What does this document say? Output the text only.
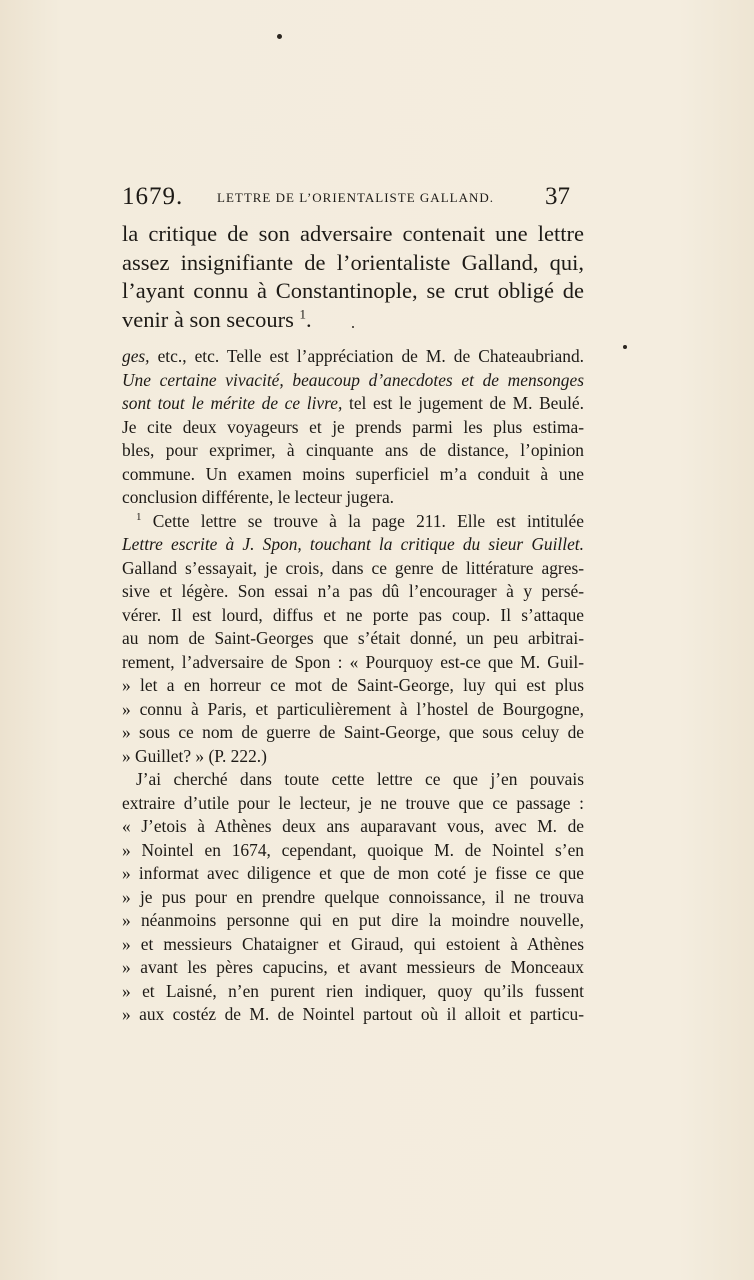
1679.	LETTRE DE L’ORIENTALISTE GALLAND. 37
la critique de son adversaire contenait une lettre
assez insignifiante de l’orientaliste Galland, qui,
l’ayant connu à Constantinople, se crut obligé de
venir à son secours $^1$.
ges, etc., etc. Telle est l’appréciation de M. de Chateaubriand.
Une certaine vivacité, beaucoup d’anecdotes et de mensonges
sont tout le mérite de ce livre, tel est le jugement de M. Beulé.
Je cite deux voyageurs et je prends parmi les plus estima-
bles, pour exprimer, à cinquante ans de distance, l’opinion
commune. Un examen moins superficiel m’a conduit à une
conclusion différente, le lecteur jugera.
$^1$ Cette lettre se trouve à la page 211. Elle est intitulée
Lettre escrite à J. Spon, touchant la critique du sieur Guillet.
Galland s’essayait, je crois, dans ce genre de littérature agres-
sive et légère. Son essai n’a pas dû l’encourager à y persé-
vérer. Il est lourd, diffus et ne porte pas coup. Il s’attaque
au nom de Saint-Georges que s’était donné, un peu arbitrai-
rement, l’adversaire de Spon : « Pourquoy est-ce que M. Guil-
» let a en horreur ce mot de Saint-George, luy qui est plus
» connu à Paris, et particulièrement à l’hostel de Bourgogne,
» sous ce nom de guerre de Saint-George, que sous celuy de
» Guillet? » (P. 222.)
J’ai cherché dans toute cette lettre ce que j’en pouvais
extraire d’utile pour le lecteur, je ne trouve que ce passage :
« J’etois à Athènes deux ans auparavant vous, avec M. de
» Nointel en 1674, cependant, quoique M. de Nointel s’en
» informat avec diligence et que de mon coté je fisse ce que
» je pus pour en prendre quelque connoissance, il ne trouva
» néanmoins personne qui en put dire la moindre nouvelle,
» et messieurs Chataigner et Giraud, qui estoient à Athènes
» avant les pères capucins, et avant messieurs de Monceaux
» et Laisné, n’en purent rien indiquer, quoy qu’ils fussent
» aux costéz de M. de Nointel partout où il alloit et particu-
